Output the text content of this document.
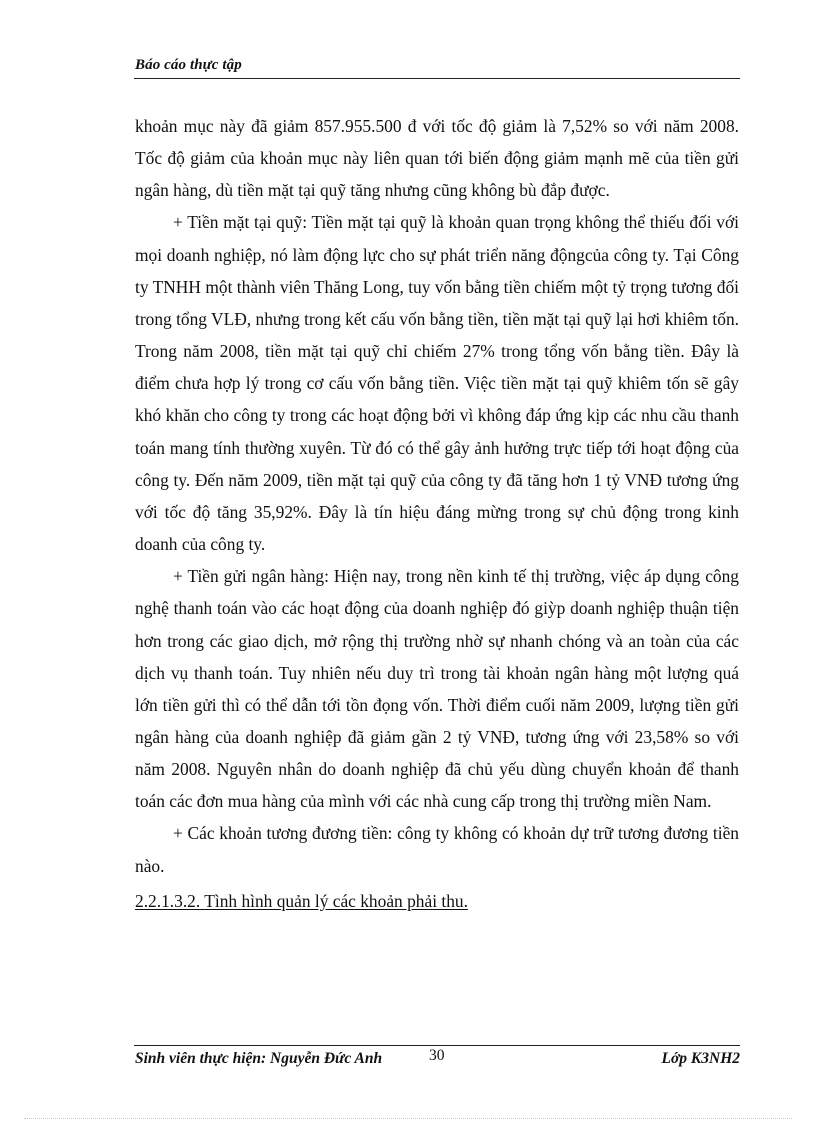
Báo cáo thực tập

khoản mục này đã giảm 857.955.500 đ với tốc độ giảm là 7,52% so với năm 2008. Tốc độ giảm của khoản mục này liên quan tới biến động giảm mạnh mẽ của tiền gửi ngân hàng, dù tiền mặt tại quỹ tăng nhưng cũng không bù đắp được.

+ Tiền mặt tại quỹ: Tiền mặt tại quỹ là khoản quan trọng không thể thiếu đối với mọi doanh nghiệp, nó làm động lực cho sự phát triển năng độngcủa công ty. Tại Công ty TNHH một thành viên Thăng Long, tuy vốn bằng tiền chiếm một tỷ trọng tương đối trong tổng VLĐ, nhưng trong kết cấu vốn bằng tiền, tiền mặt tại quỹ lại hơi khiêm tốn. Trong năm 2008, tiền mặt tại quỹ chỉ chiếm 27% trong tổng vốn bằng tiền. Đây là điểm chưa hợp lý trong cơ cấu vốn bằng tiền. Việc tiền mặt tại quỹ khiêm tốn sẽ gây khó khăn cho công ty trong các hoạt động bởi vì không đáp ứng kịp các nhu cầu thanh toán mang tính thường xuyên. Từ đó có thể gây ảnh hưởng trực tiếp tới hoạt động của công ty. Đến năm 2009, tiền mặt tại quỹ của công ty đã tăng hơn 1 tỷ VNĐ tương ứng với tốc độ tăng 35,92%. Đây là tín hiệu đáng mừng trong sự chủ động trong kinh doanh của công ty.

+ Tiền gửi ngân hàng: Hiện nay, trong nền kinh tế thị trường, việc áp dụng công nghệ thanh toán vào các hoạt động của doanh nghiệp đó giỳp doanh nghiệp thuận tiện hơn trong các giao dịch, mở rộng thị trường nhờ sự nhanh chóng và an toàn của các dịch vụ thanh toán. Tuy nhiên nếu duy trì trong tài khoản ngân hàng một lượng quá lớn tiền gửi thì có thể dẫn tới tồn đọng vốn. Thời điểm cuối năm 2009, lượng tiền gửi ngân hàng của doanh nghiệp đã giảm gần 2 tỷ VNĐ, tương ứng với 23,58% so với năm 2008. Nguyên nhân do doanh nghiệp đã chủ yếu dùng chuyển khoản để thanh toán các đơn mua hàng của mình với các nhà cung cấp trong thị trường miền Nam.

+ Các khoản tương đương tiền: công ty không có khoản dự trữ tương đương tiền nào.

2.2.1.3.2. Tình hình quản lý các khoản phải thu.

Sinh viên thực hiện: Nguyễn Đức Anh	30	Lớp K3NH2
